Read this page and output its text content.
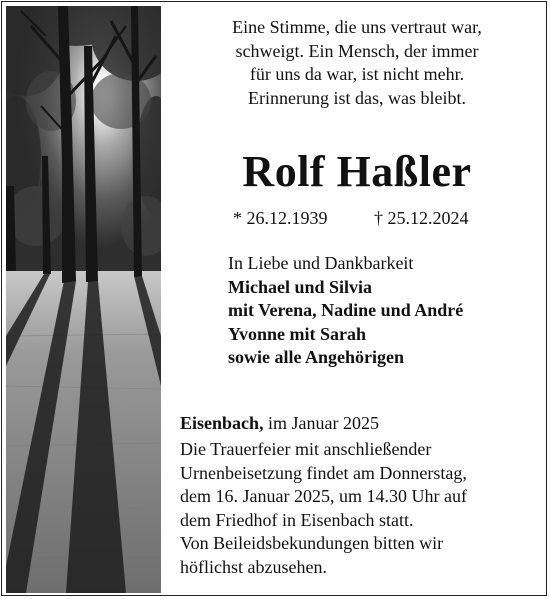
Eine Stimme, die uns vertraut war,
schweigt. Ein Mensch, der immer
für uns da war, ist nicht mehr.
Erinnerung ist das, was bleibt.
Rolf Haßler
* 26.12.1939	† 25.12.2024
In Liebe und Dankbarkeit
Michael und Silvia
mit Verena, Nadine und André
Yvonne mit Sarah
sowie alle Angehörigen
Eisenbach, im Januar 2025
Die Trauerfeier mit anschließender
Urnenbeisetzung findet am Donnerstag,
dem 16. Januar 2025, um 14.30 Uhr auf
dem Friedhof in Eisenbach statt.
Von Beileidsbekundungen bitten wir
höflichst abzusehen.
